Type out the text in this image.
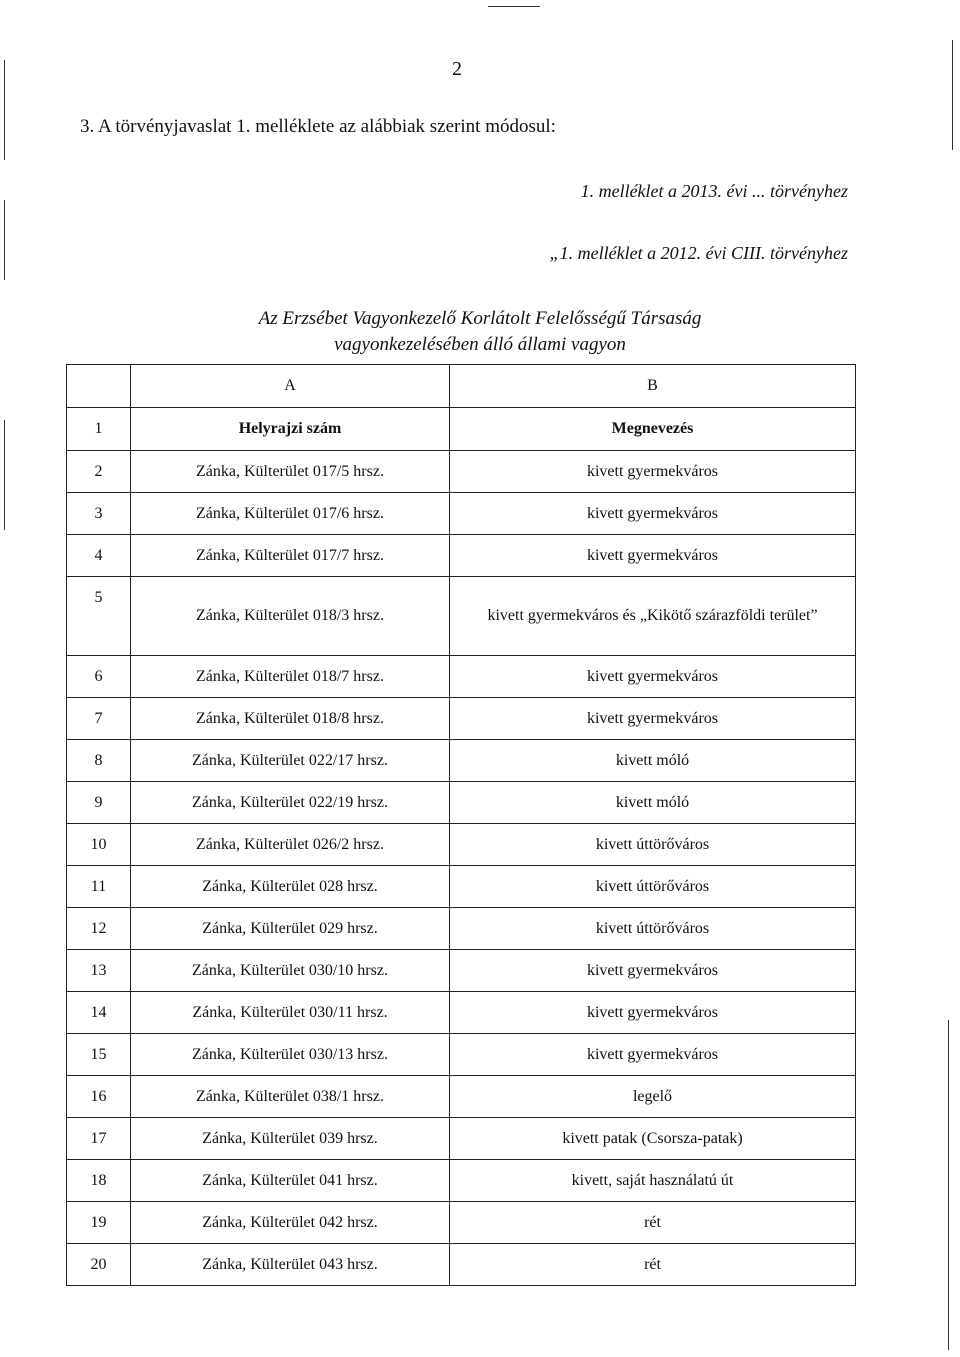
2
3. A törvényjavaslat 1. melléklete az alábbiak szerint módosul:
1. melléklet a 2013. évi ... törvényhez
„1. melléklet a 2012. évi CIII. törvényhez
Az Erzsébet Vagyonkezelő Korlátolt Felelősségű Társaság
vagyonkezelésében álló állami vagyon
	A	B
1	Helyrajzi szám	Megnevezés
2	Zánka, Külterület 017/5 hrsz.	kivett gyermekváros
3	Zánka, Külterület 017/6 hrsz.	kivett gyermekváros
4	Zánka, Külterület 017/7 hrsz.	kivett gyermekváros
5	Zánka, Külterület 018/3 hrsz.	kivett gyermekváros és „Kikötő szárazföldi terület”
6	Zánka, Külterület 018/7 hrsz.	kivett gyermekváros
7	Zánka, Külterület 018/8 hrsz.	kivett gyermekváros
8	Zánka, Külterület 022/17 hrsz.	kivett móló
9	Zánka, Külterület 022/19 hrsz.	kivett móló
10	Zánka, Külterület 026/2 hrsz.	kivett úttörőváros
11	Zánka, Külterület 028 hrsz.	kivett úttörőváros
12	Zánka, Külterület 029 hrsz.	kivett úttörőváros
13	Zánka, Külterület 030/10 hrsz.	kivett gyermekváros
14	Zánka, Külterület 030/11 hrsz.	kivett gyermekváros
15	Zánka, Külterület 030/13 hrsz.	kivett gyermekváros
16	Zánka, Külterület 038/1 hrsz.	legelő
17	Zánka, Külterület 039 hrsz.	kivett patak (Csorsza-patak)
18	Zánka, Külterület 041 hrsz.	kivett, saját használatú út
19	Zánka, Külterület 042 hrsz.	rét
20	Zánka, Külterület 043 hrsz.	rét
